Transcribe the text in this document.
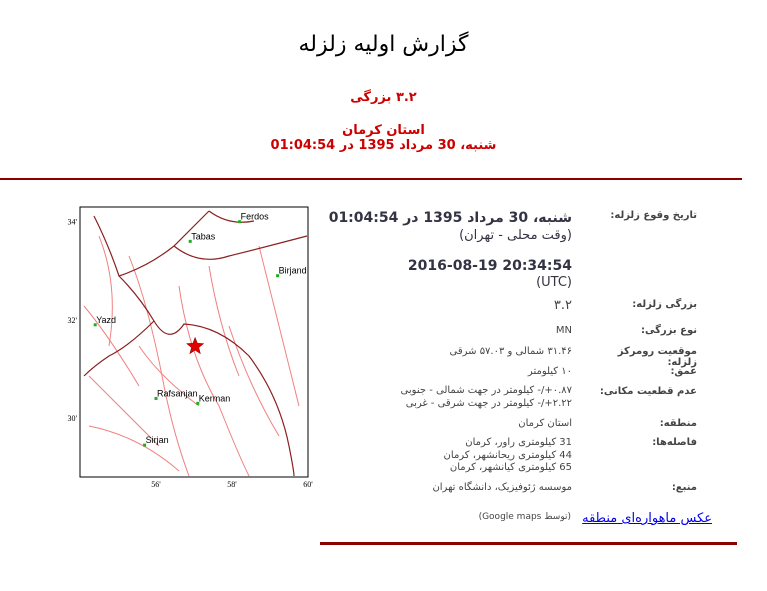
گزارش اولیه زلزله
۳.۲ بزرگی
استان کرمان
شنبه، 30 مرداد 1395 در 01:04:54
Ferdos
Tabas
Birjand
Yazd
Rafsanjan Kerman
Sirjan
34'
32'
30'
56'	58'	60'
تاریخ وقوع زلزله:
شنبه، 30 مرداد 1395 در 01:04:54
(وقت محلی - تهران)
2016-08-19 20:34:54
(UTC)
بزرگی زلزله:
۳.۲
نوع بزرگی:
MN
موقعیت رومرکز زلزله:
۳۱.۴۶ شمالی و ۵۷.۰۳ شرقی
عمق:
۱۰ کیلومتر
عدم قطعیت مکانی:
۰.۸۷+/- کیلومتر در جهت شمالی - جنوبی
۲.۲۲+/- کیلومتر در جهت شرقی - غربی
منطقه:
استان کرمان
فاصله‌ها:
31 کیلومتری راور، کرمان
44 کیلومتری ریحانشهر، کرمان
65 کیلومتری کیانشهر، کرمان
منبع:
موسسه ژئوفیزیک، دانشگاه تهران
عکس ماهواره‌ای منطقه
(توسط Google maps)
